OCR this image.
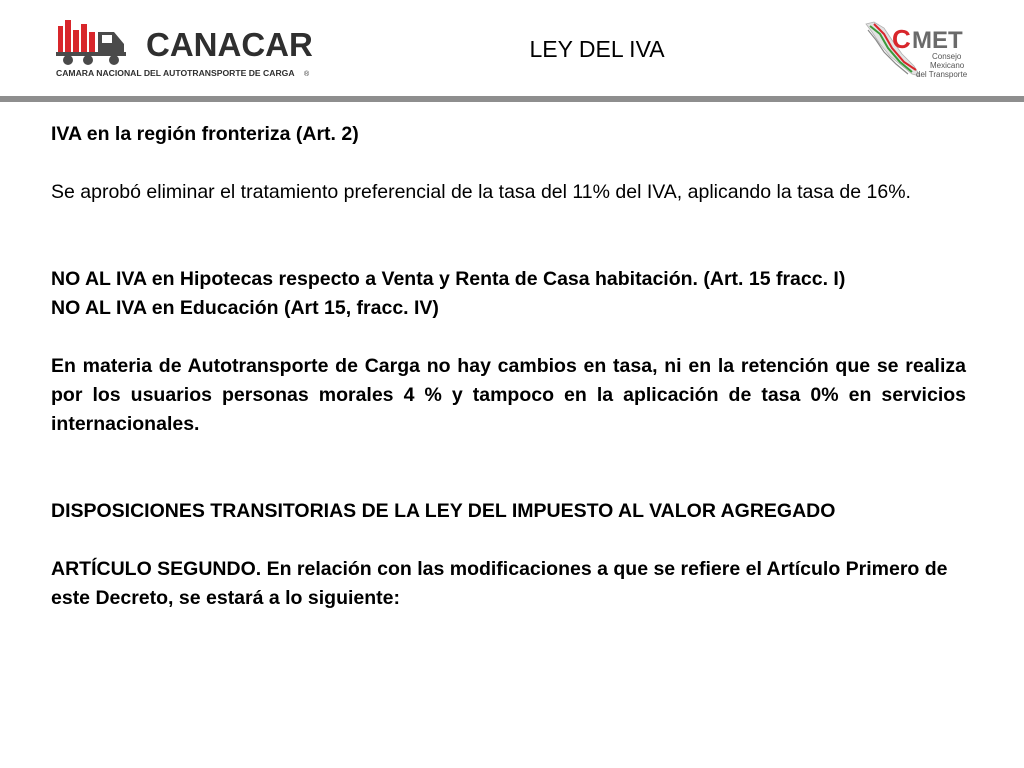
CANACAR
CAMARA NACIONAL DEL AUTOTRANSPORTE DE CARGA ®
LEY DEL IVA	C MET
Consejo
Mexicano
del Transporte

IVA en la región fronteriza (Art. 2)

Se aprobó eliminar el tratamiento preferencial de la tasa del 11% del IVA, aplicando la tasa de 16%.

NO AL IVA en Hipotecas respecto a Venta y Renta de Casa habitación. (Art. 15 fracc. I)

NO AL IVA en Educación (Art 15, fracc. IV)

En materia de Autotransporte de Carga no hay cambios en tasa, ni en la retención que se realiza por los usuarios personas morales 4 % y tampoco en la aplicación de tasa 0% en servicios internacionales.

DISPOSICIONES TRANSITORIAS DE LA LEY DEL IMPUESTO AL VALOR AGREGADO

ARTÍCULO SEGUNDO. En relación con las modificaciones a que se refiere el Artículo Primero de este Decreto, se estará a lo siguiente:
